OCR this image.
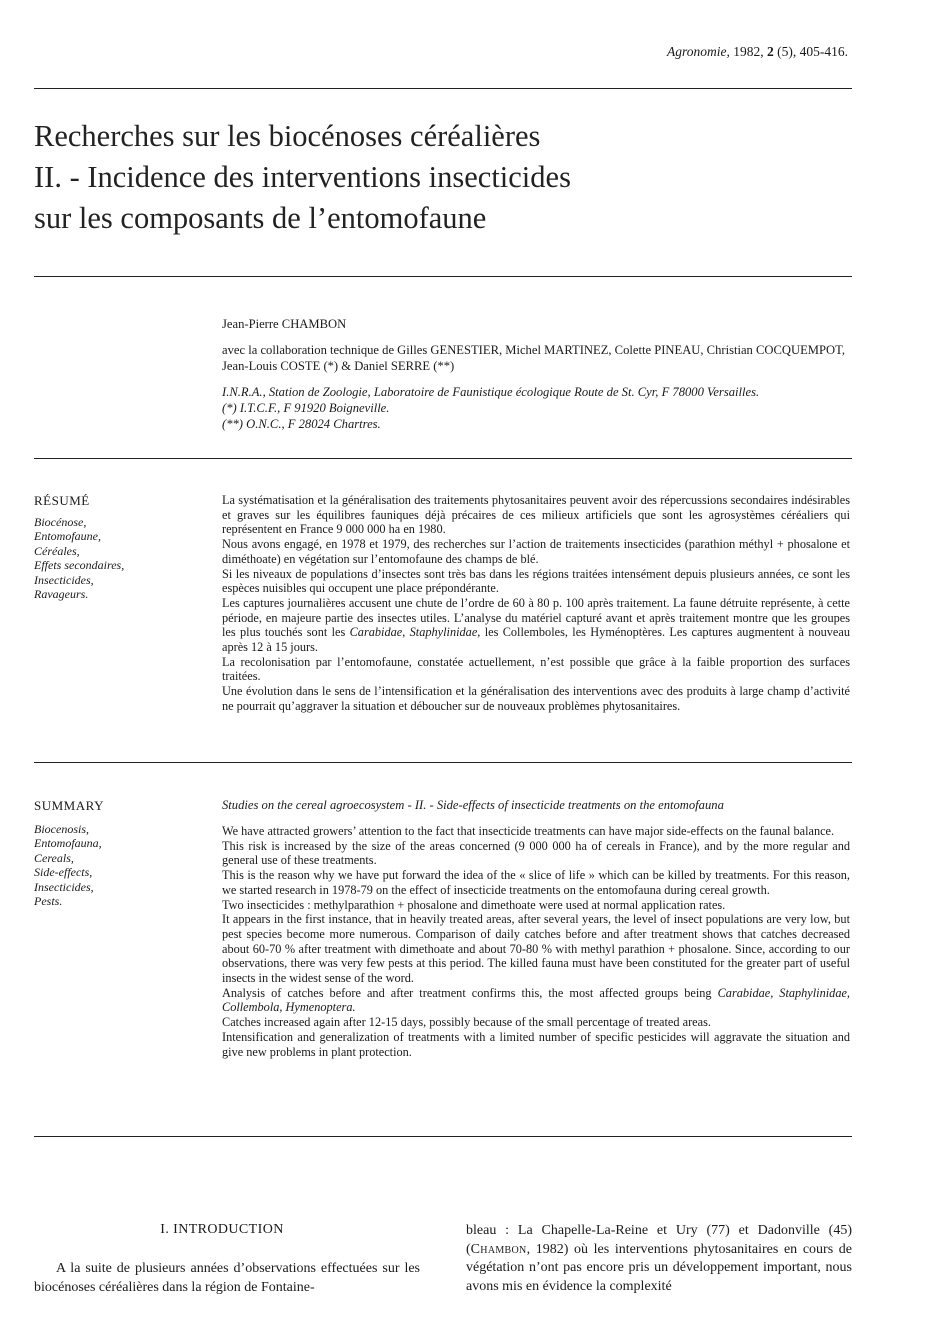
Agronomie, 1982, 2 (5), 405-416.
Recherches sur les biocénoses céréalières
II. - Incidence des interventions insecticides
sur les composants de l’entomofaune
Jean-Pierre CHAMBON
avec la collaboration technique de Gilles GENESTIER, Michel MARTINEZ, Colette PINEAU, Christian COCQUEMPOT, Jean-Louis COSTE (*) & Daniel SERRE (**)
I.N.R.A., Station de Zoologie, Laboratoire de Faunistique écologique Route de St. Cyr, F 78000 Versailles.
(*) I.T.C.F., F 91920 Boigneville.
(**) O.N.C., F 28024 Chartres.
RÉSUMÉ
Biocénose,
Entomofaune,
Céréales,
Effets secondaires,
Insecticides,
Ravageurs.

La systématisation et la généralisation des traitements phytosanitaires peuvent avoir des répercussions secondaires indésirables et graves sur les équilibres fauniques déjà précaires de ces milieux artificiels que sont les agrosystèmes céréaliers qui représentent en France 9 000 000 ha en 1980.

Nous avons engagé, en 1978 et 1979, des recherches sur l’action de traitements insecticides (parathion méthyl + phosalone et diméthoate) en végétation sur l’entomofaune des champs de blé.

Si les niveaux de populations d’insectes sont très bas dans les régions traitées intensément depuis plusieurs années, ce sont les espèces nuisibles qui occupent une place prépondérante.

Les captures journalières accusent une chute de l’ordre de 60 à 80 p. 100 après traitement. La faune détruite représente, à cette période, en majeure partie des insectes utiles. L’analyse du matériel capturé avant et après traitement montre que les groupes les plus touchés sont les Carabidae, Staphylinidae, les Collemboles, les Hyménoptères. Les captures augmentent à nouveau après 12 à 15 jours.

La recolonisation par l’entomofaune, constatée actuellement, n’est possible que grâce à la faible proportion des surfaces traitées.

Une évolution dans le sens de l’intensification et la généralisation des interventions avec des produits à large champ d’activité ne pourrait qu’aggraver la situation et déboucher sur de nouveaux problèmes phytosanitaires.

SUMMARY
Biocenosis,
Entomofauna,
Cereals,
Side-effects,
Insecticides,
Pests.
Studies on the cereal agroecosystem - II. - Side-effects of insecticide treatments on the entomofauna

We have attracted growers’ attention to the fact that insecticide treatments can have major side-effects on the faunal balance.

This risk is increased by the size of the areas concerned (9 000 000 ha of cereals in France), and by the more regular and general use of these treatments.

This is the reason why we have put forward the idea of the « slice of life » which can be killed by treatments. For this reason, we started research in 1978-79 on the effect of insecticide treatments on the entomofauna during cereal growth.

Two insecticides : methylparathion + phosalone and dimethoate were used at normal application rates.

It appears in the first instance, that in heavily treated areas, after several years, the level of insect populations are very low, but pest species become more numerous. Comparison of daily catches before and after treatment shows that catches decreased about 60-70 % after treatment with dimethoate and about 70-80 % with methyl parathion + phosalone. Since, according to our observations, there was very few pests at this period. The killed fauna must have been constituted for the greater part of useful insects in the widest sense of the word.

Analysis of catches before and after treatment confirms this, the most affected groups being Carabidae, Staphylinidae, Collembola, Hymenoptera.

Catches increased again after 12-15 days, possibly because of the small percentage of treated areas.

Intensification and generalization of treatments with a limited number of specific pesticides will aggravate the situation and give new problems in plant protection.

I. INTRODUCTION

A la suite de plusieurs années d’observations effectuées sur les biocénoses céréalières dans la région de Fontaine-

bleau : La Chapelle-La-Reine et Ury (77) et Dadonville (45) (Chambon, 1982) où les interventions phytosanitaires en cours de végétation n’ont pas encore pris un développement important, nous avons mis en évidence la complexité
